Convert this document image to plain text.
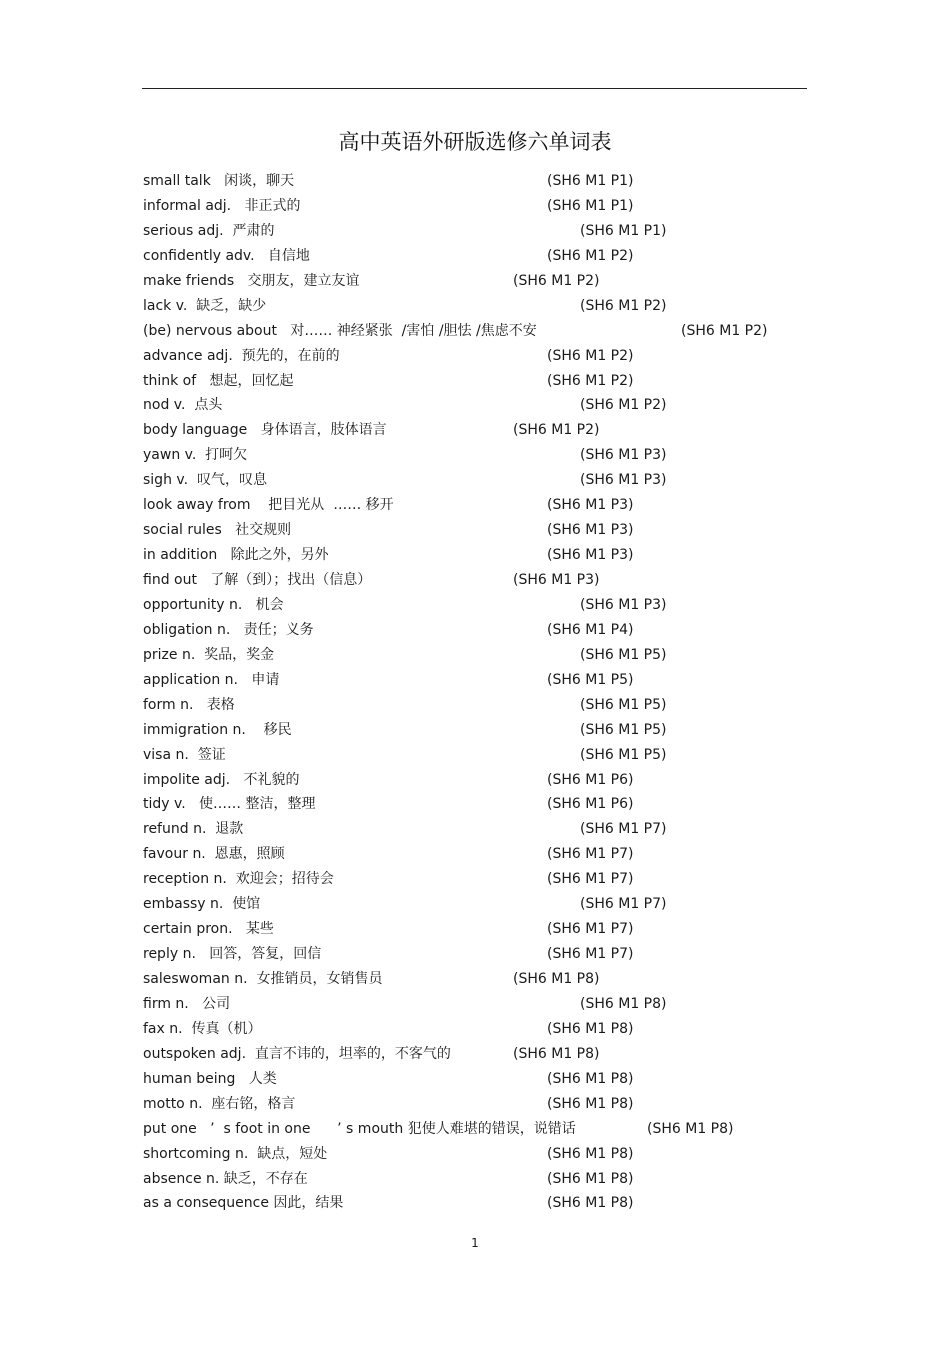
高中英语外研版选修六单词表
small talk   闲谈，聊天	(SH6 M1 P1)
informal adj.   非正式的	(SH6 M1 P1)
serious adj.  严肃的	(SH6 M1 P1)
confidently adv.   自信地	(SH6 M1 P2)
make friends   交朋友，建立友谊	(SH6 M1 P2)
lack v.  缺乏，缺少	(SH6 M1 P2)
(be) nervous about   对…… 神经紧张  /害怕 /胆怯 /焦虑不安	(SH6 M1 P2)
advance adj.  预先的，在前的	(SH6 M1 P2)
think of   想起，回忆起	(SH6 M1 P2)
nod v.  点头	(SH6 M1 P2)
body language   身体语言，肢体语言	(SH6 M1 P2)
yawn v.  打呵欠	(SH6 M1 P3)
sigh v.  叹气，叹息	(SH6 M1 P3)
look away from    把目光从  …… 移开	(SH6 M1 P3)
social rules   社交规则	(SH6 M1 P3)
in addition   除此之外，另外	(SH6 M1 P3)
find out   了解（到）；找出（信息）	(SH6 M1 P3)
opportunity n.   机会	(SH6 M1 P3)
obligation n.   责任；义务	(SH6 M1 P4)
prize n.  奖品，奖金	(SH6 M1 P5)
application n.   申请	(SH6 M1 P5)
form n.   表格	(SH6 M1 P5)
immigration n.    移民	(SH6 M1 P5)
visa n.  签证	(SH6 M1 P5)
impolite adj.   不礼貌的	(SH6 M1 P6)
tidy v.   使…… 整洁，整理	(SH6 M1 P6)
refund n.  退款	(SH6 M1 P7)
favour n.  恩惠，照顾	(SH6 M1 P7)
reception n.  欢迎会；招待会	(SH6 M1 P7)
embassy n.  使馆	(SH6 M1 P7)
certain pron.   某些	(SH6 M1 P7)
reply n.   回答，答复，回信	(SH6 M1 P7)
saleswoman n.  女推销员，女销售员	(SH6 M1 P8)
firm n.   公司	(SH6 M1 P8)
fax n.  传真（机）	(SH6 M1 P8)
outspoken adj.  直言不讳的，坦率的，不客气的	(SH6 M1 P8)
human being   人类	(SH6 M1 P8)
motto n.  座右铭，格言	(SH6 M1 P8)
put one   ’  s foot in one      ’ s mouth 犯使人难堪的错误，说错话	(SH6 M1 P8)
shortcoming n.  缺点，短处	(SH6 M1 P8)
absence n. 缺乏，不存在	(SH6 M1 P8)
as a consequence 因此，结果	(SH6 M1 P8)
1
